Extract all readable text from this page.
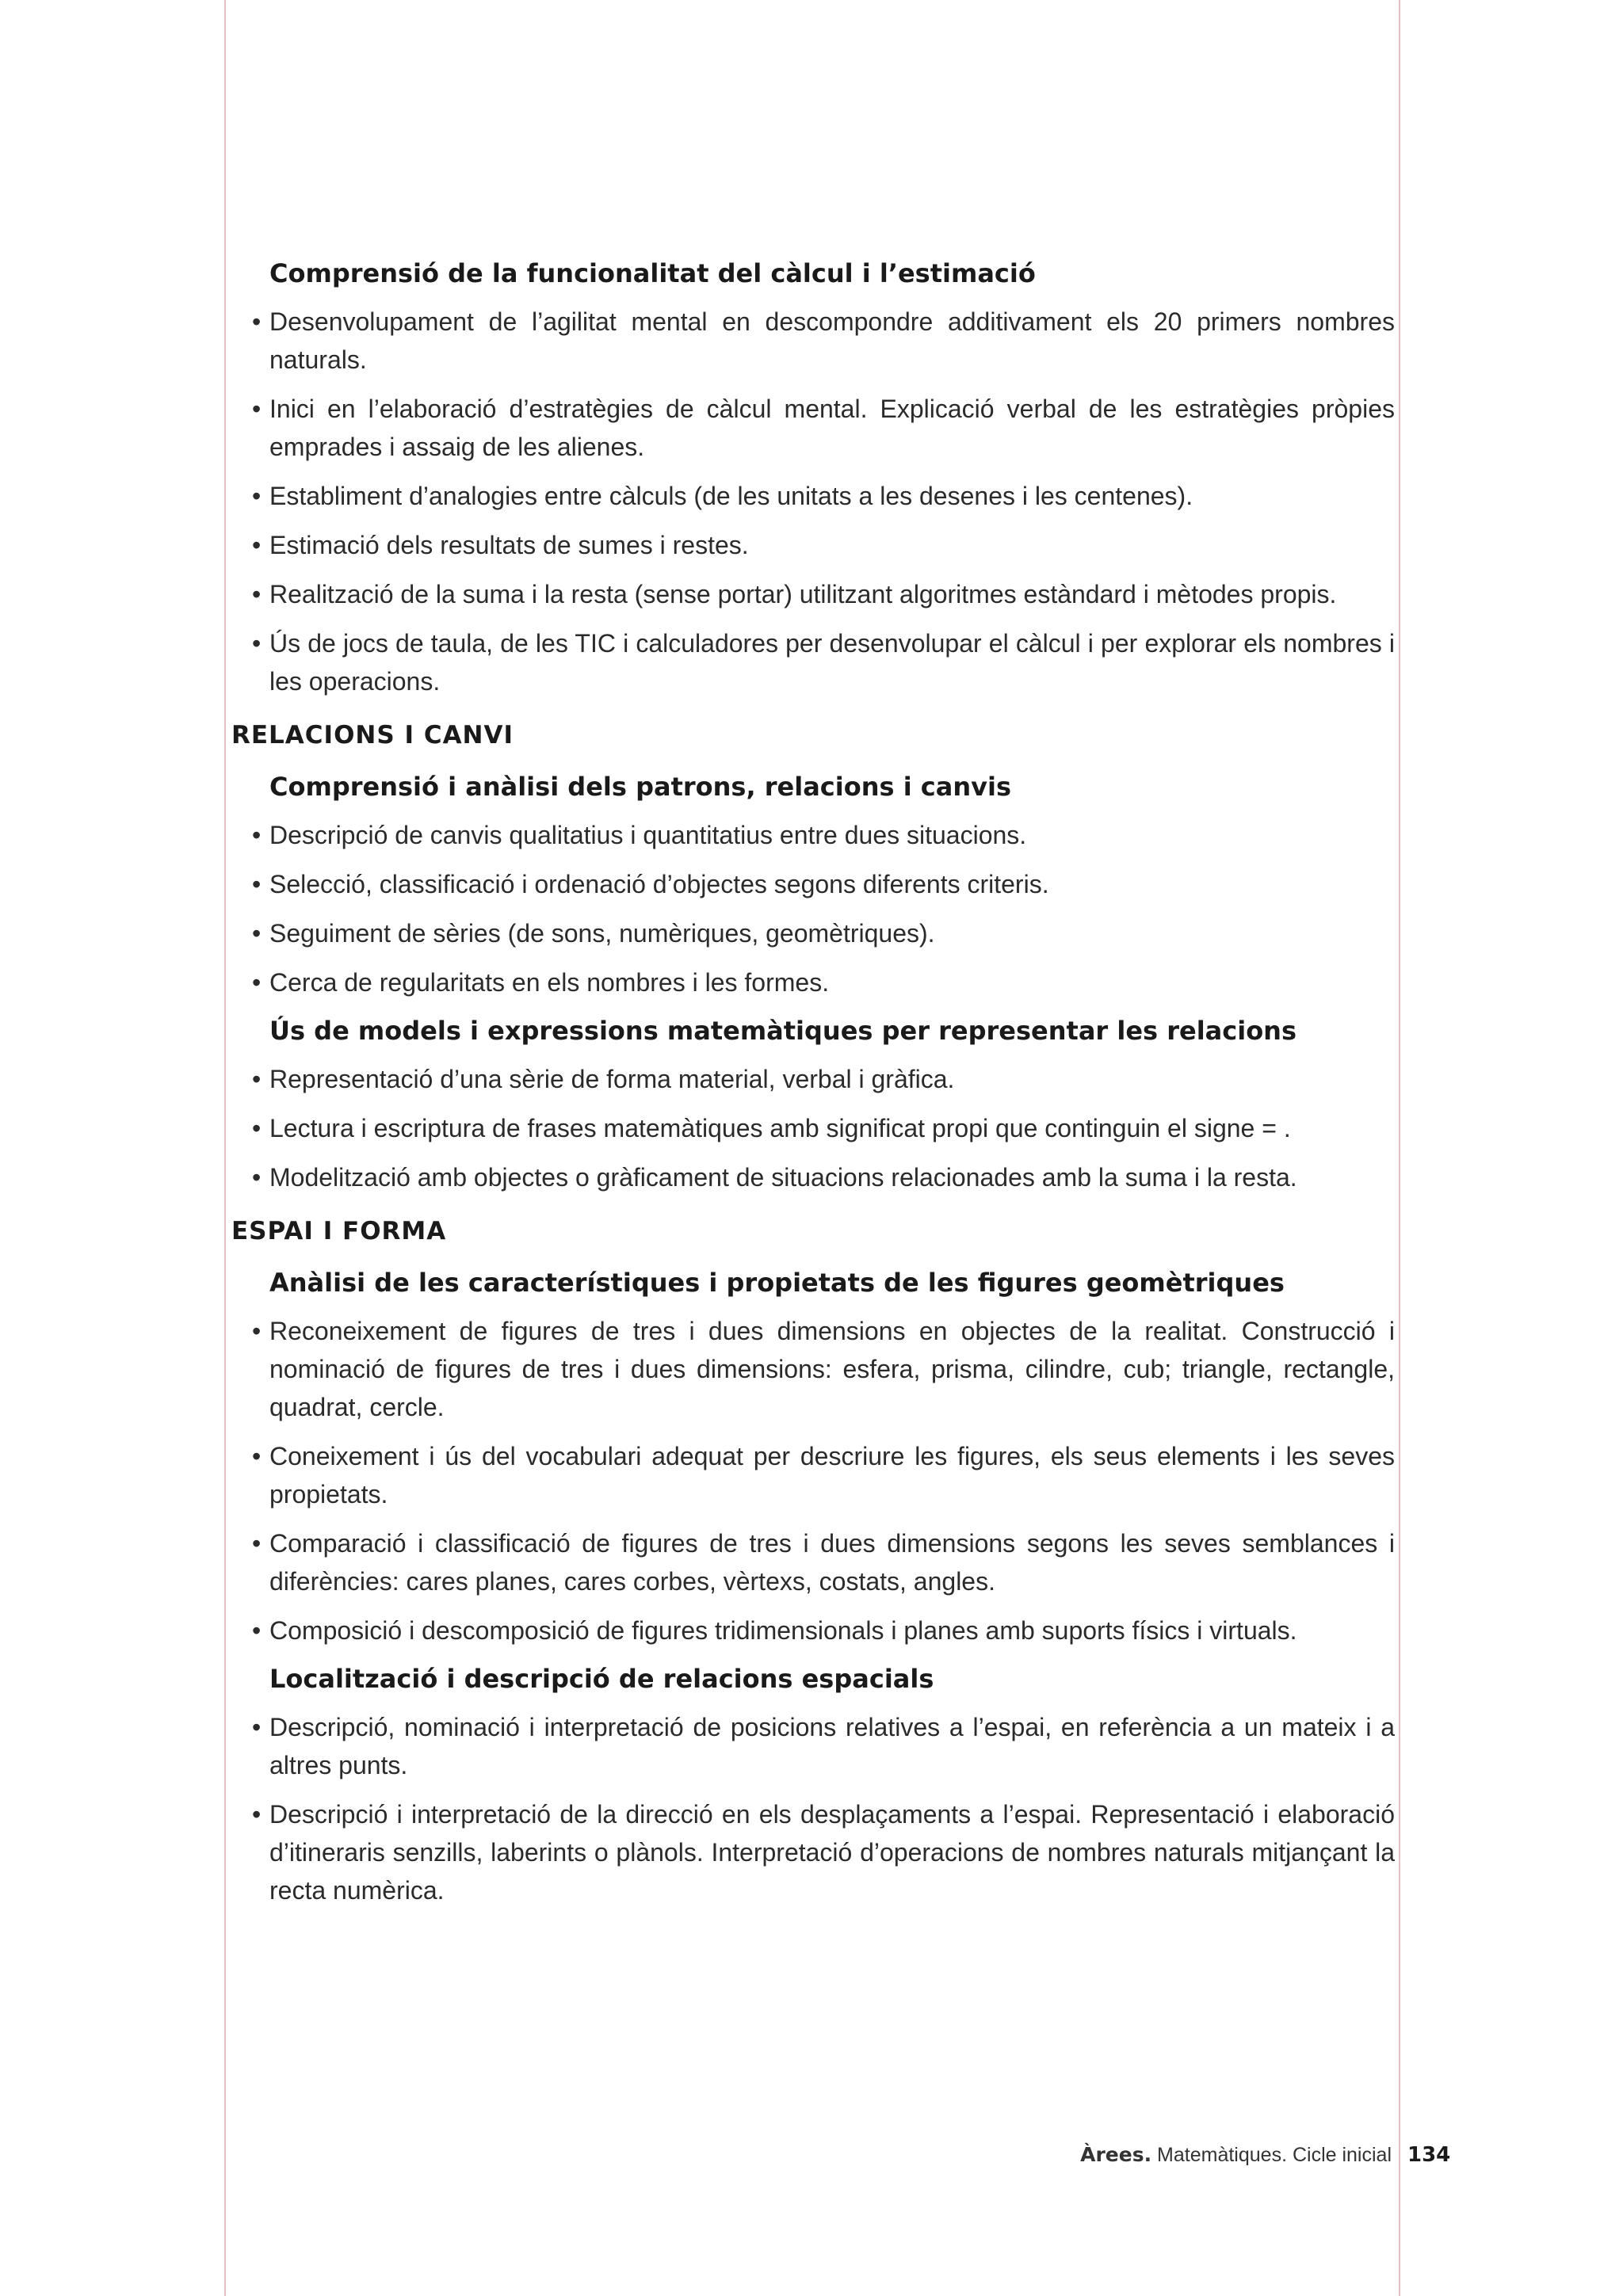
Comprensió de la funcionalitat del càlcul i l’estimació
• Desenvolupament de l’agilitat mental en descompondre additivament els 20 primers nombres naturals.
• Inici en l’elaboració d’estratègies de càlcul mental. Explicació verbal de les estratègies pròpies emprades i assaig de les alienes.
• Establiment d’analogies entre càlculs (de les unitats a les desenes i les centenes).
• Estimació dels resultats de sumes i restes.
• Realització de la suma i la resta (sense portar) utilitzant algoritmes estàndard i mètodes propis.
• Ús de jocs de taula, de les TIC i calculadores per desenvolupar el càlcul i per explorar els nombres i les operacions.
RELACIONS I CANVI
Comprensió i anàlisi dels patrons, relacions i canvis
• Descripció de canvis qualitatius i quantitatius entre dues situacions.
• Selecció, classificació i ordenació d’objectes segons diferents criteris.
• Seguiment de sèries (de sons, numèriques, geomètriques).
• Cerca de regularitats en els nombres i les formes.
Ús de models i expressions matemàtiques per representar les relacions
• Representació d’una sèrie de forma material, verbal i gràfica.
• Lectura i escriptura de frases matemàtiques amb significat propi que continguin el signe = .
• Modelització amb objectes o gràficament de situacions relacionades amb la suma i la resta.
ESPAI I FORMA
Anàlisi de les característiques i propietats de les figures geomètriques
• Reconeixement de figures de tres i dues dimensions en objectes de la realitat. Construcció i nominació de figures de tres i dues dimensions: esfera, prisma, cilindre, cub; triangle, rectangle, quadrat, cercle.
• Coneixement i ús del vocabulari adequat per descriure les figures, els seus elements i les seves propietats.
• Comparació i classificació de figures de tres i dues dimensions segons les seves semblances i diferències: cares planes, cares corbes, vèrtexs, costats, angles.
• Composició i descomposició de figures tridimensionals i planes amb suports físics i virtuals.
Localització i descripció de relacions espacials
• Descripció, nominació i interpretació de posicions relatives a l’espai, en referència a un mateix i a altres punts.
• Descripció i interpretació de la direcció en els desplaçaments a l’espai. Representació i elaboració d’itineraris senzills, laberints o plànols. Interpretació d’operacions de nombres naturals mitjançant la recta numèrica.
Àrees. Matemàtiques. Cicle inicial 134
